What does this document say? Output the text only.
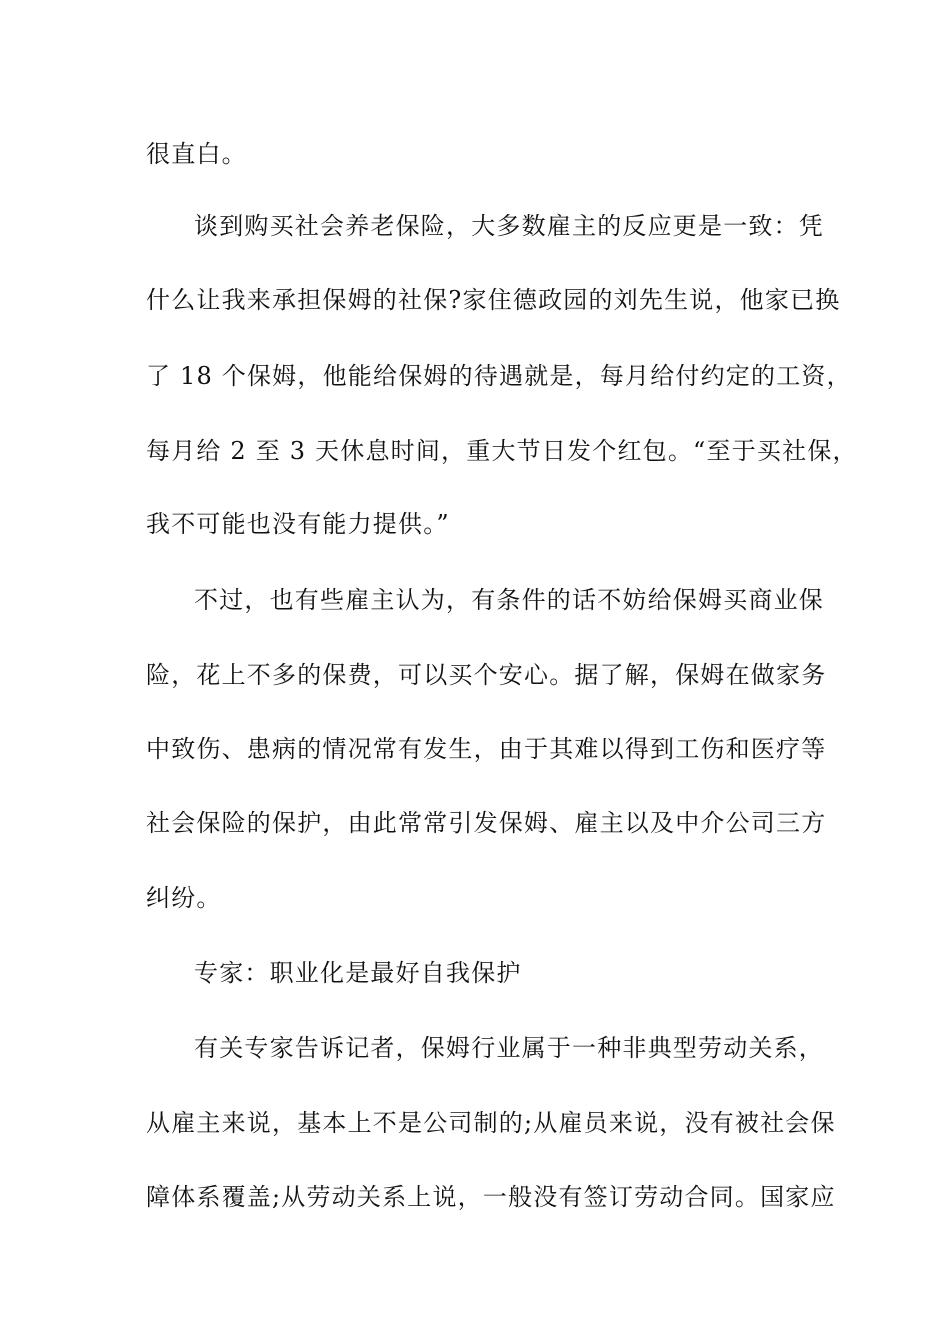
很直白。
谈到购买社会养老保险，大多数雇主的反应更是一致：凭
什么让我来承担保姆的社保?家住德政园的刘先生说，他家已换
了 18 个保姆，他能给保姆的待遇就是，每月给付约定的工资，
每月给 2 至 3 天休息时间，重大节日发个红包。“至于买社保，
我不可能也没有能力提供。”
不过，也有些雇主认为，有条件的话不妨给保姆买商业保
险，花上不多的保费，可以买个安心。据了解，保姆在做家务
中致伤、患病的情况常有发生，由于其难以得到工伤和医疗等
社会保险的保护，由此常常引发保姆、雇主以及中介公司三方
纠纷。
专家：职业化是最好自我保护
有关专家告诉记者，保姆行业属于一种非典型劳动关系，
从雇主来说，基本上不是公司制的;从雇员来说，没有被社会保
障体系覆盖;从劳动关系上说，一般没有签订劳动合同。国家应
